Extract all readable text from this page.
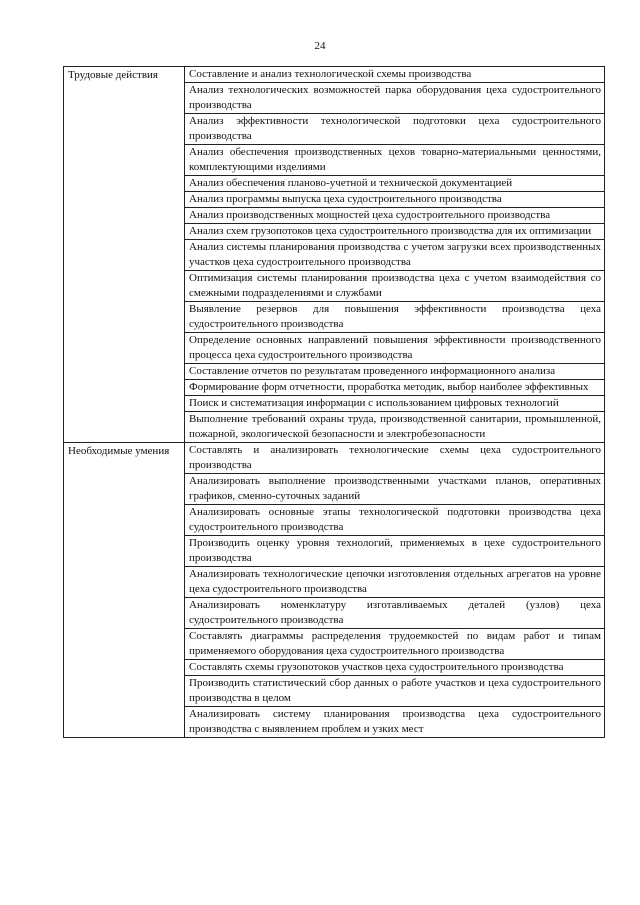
24
Трудовые действия	Составление и анализ технологической схемы производства
	Анализ технологических возможностей парка оборудования цеха судостроительного производства
	Анализ эффективности технологической подготовки цеха судостроительного производства
	Анализ обеспечения производственных цехов товарно-материальными ценностями, комплектующими изделиями
	Анализ обеспечения планово-учетной и технической документацией
	Анализ программы выпуска цеха судостроительного производства
	Анализ производственных мощностей цеха судостроительного производства
	Анализ схем грузопотоков цеха судостроительного производства для их оптимизации
	Анализ системы планирования производства с учетом загрузки всех производственных участков цеха судостроительного производства
	Оптимизация системы планирования производства цеха с учетом взаимодействия со смежными подразделениями и службами
	Выявление резервов для повышения эффективности производства цеха судостроительного производства
	Определение основных направлений повышения эффективности производственного процесса цеха судостроительного производства
	Составление отчетов по результатам проведенного информационного анализа
	Формирование форм отчетности, проработка методик, выбор наиболее эффективных
	Поиск и систематизация информации с использованием цифровых технологий
	Выполнение требований охраны труда, производственной санитарии, промышленной, пожарной, экологической безопасности и электробезопасности
Необходимые умения	Составлять и анализировать технологические схемы цеха судостроительного производства
	Анализировать выполнение производственными участками планов, оперативных графиков, сменно-суточных заданий
	Анализировать основные этапы технологической подготовки производства цеха судостроительного производства
	Производить оценку уровня технологий, применяемых в цехе судостроительного производства
	Анализировать технологические цепочки изготовления отдельных агрегатов на уровне цеха судостроительного производства
	Анализировать номенклатуру изготавливаемых деталей (узлов) цеха судостроительного производства
	Составлять диаграммы распределения трудоемкостей по видам работ и типам применяемого оборудования цеха судостроительного производства
	Составлять схемы грузопотоков участков цеха судостроительного производства
	Производить статистический сбор данных о работе участков и цеха судостроительного производства в целом
	Анализировать систему планирования производства цеха судостроительного производства с выявлением проблем и узких мест
